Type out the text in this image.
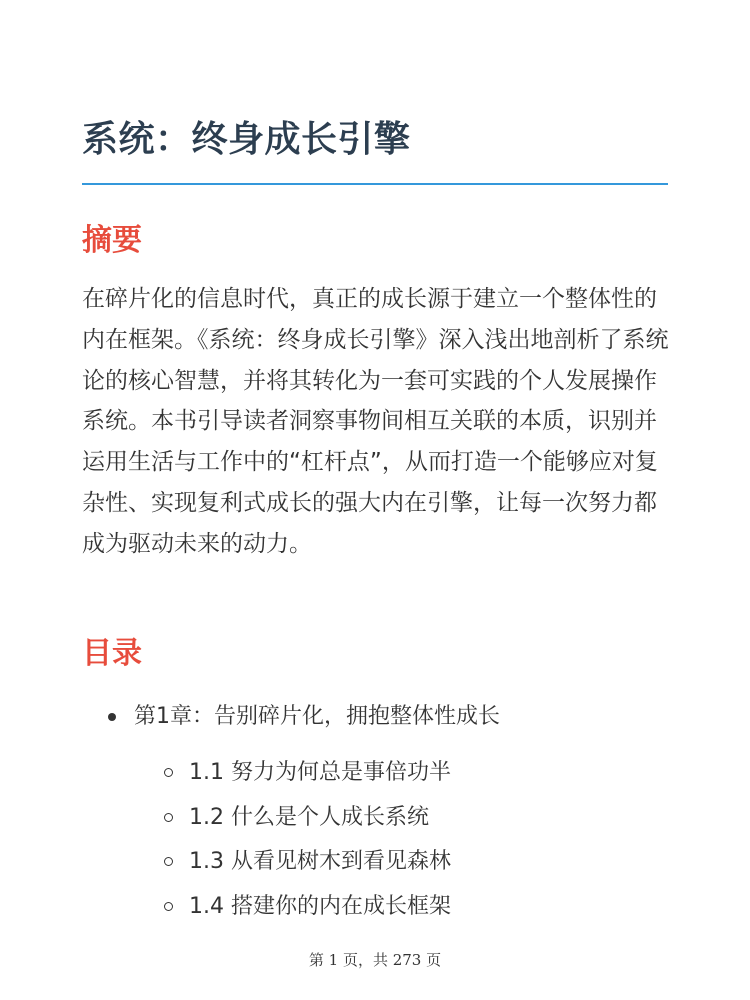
系统：终身成长引擎
摘要

在碎片化的信息时代，真正的成长源于建立一个整体性的内在框架。《系统：终身成长引擎》深入浅出地剖析了系统论的核心智慧，并将其转化为一套可实践的个人发展操作系统。本书引导读者洞察事物间相互关联的本质，识别并运用生活与工作中的“杠杆点”，从而打造一个能够应对复杂性、实现复利式成长的强大内在引擎，让每一次努力都成为驱动未来的动力。

目录
第1章：告别碎片化，拥抱整体性成长
1.1 努力为何总是事倍功半
1.2 什么是个人成长系统
1.3 从看见树木到看见森林
1.4 搭建你的内在成长框架
第 1 页，共 273 页
